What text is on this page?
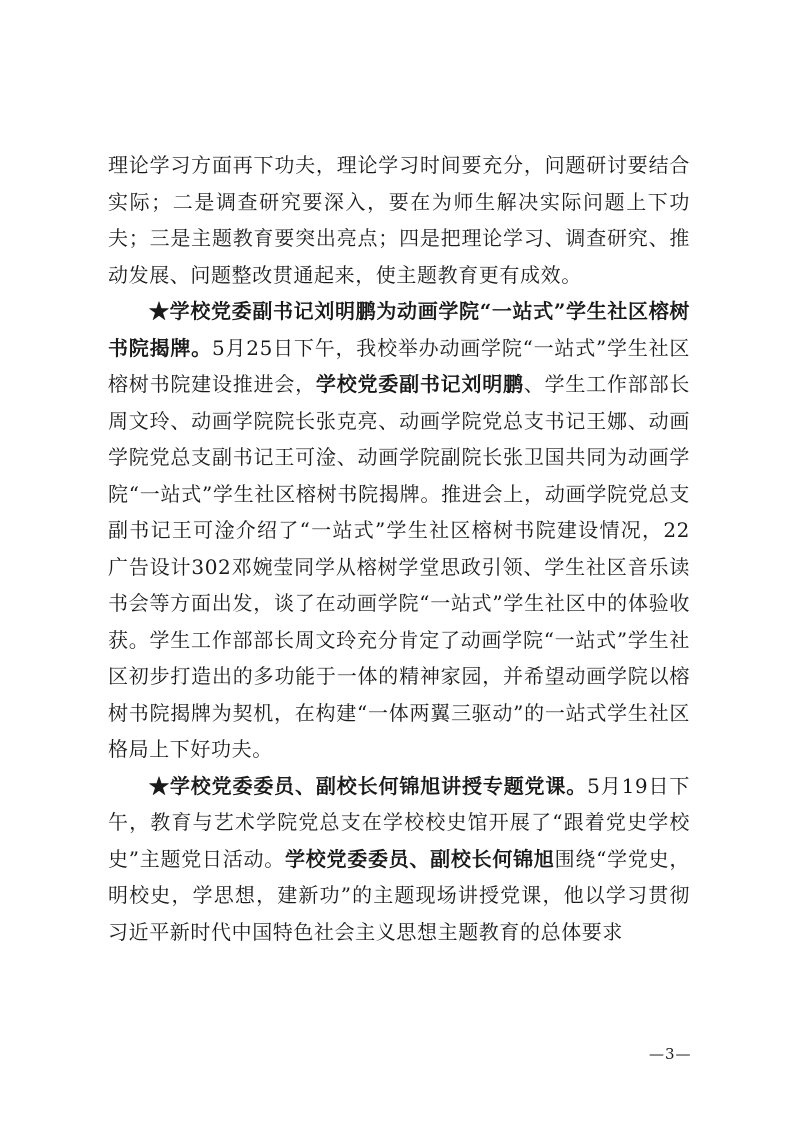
理论学习方面再下功夫，理论学习时间要充分，问题研讨要结合实际；二是调查研究要深入，要在为师生解决实际问题上下功夫；三是主题教育要突出亮点；四是把理论学习、调查研究、推动发展、问题整改贯通起来，使主题教育更有成效。

★学校党委副书记刘明鹏为动画学院“一站式”学生社区榕树书院揭牌。5月25日下午，我校举办动画学院“一站式”学生社区榕树书院建设推进会，学校党委副书记刘明鹏、学生工作部部长周文玲、动画学院院长张克亮、动画学院党总支书记王娜、动画学院党总支副书记王可淦、动画学院副院长张卫国共同为动画学院“一站式”学生社区榕树书院揭牌。推进会上，动画学院党总支副书记王可淦介绍了“一站式”学生社区榕树书院建设情况，22广告设计302邓婉莹同学从榕树学堂思政引领、学生社区音乐读书会等方面出发，谈了在动画学院“一站式”学生社区中的体验收获。学生工作部部长周文玲充分肯定了动画学院“一站式”学生社区初步打造出的多功能于一体的精神家园，并希望动画学院以榕树书院揭牌为契机，在构建“一体两翼三驱动”的一站式学生社区格局上下好功夫。

★学校党委委员、副校长何锦旭讲授专题党课。5月19日下午，教育与艺术学院党总支在学校校史馆开展了“跟着党史学校史”主题党日活动。学校党委委员、副校长何锦旭围绕“学党史，明校史，学思想，建新功”的主题现场讲授党课，他以学习贯彻习近平新时代中国特色社会主义思想主题教育的总体要求

—3—
